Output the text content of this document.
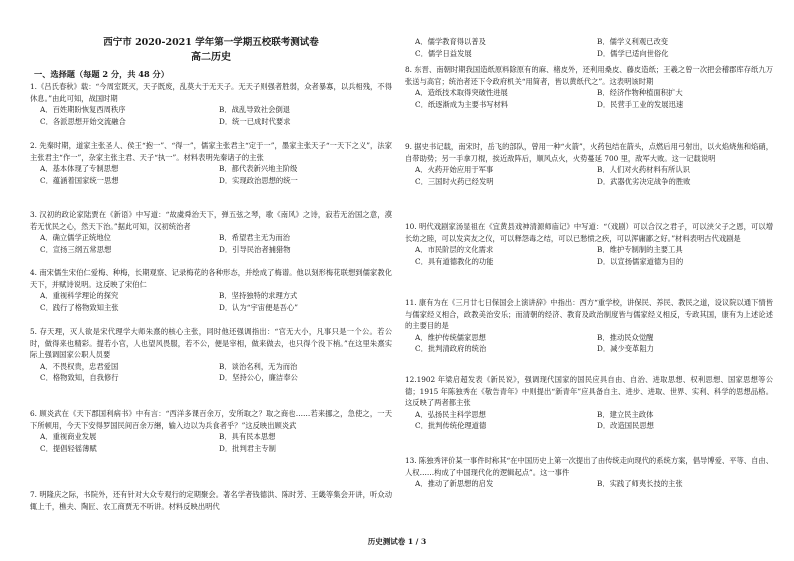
西宁市 2020-2021 学年第一学期五校联考测试卷
高二历史
一、选择题（每题 2 分，共 48 分）
1.《吕氏春秋》载：“今周室既灭，天子既废，乱莫大于无天子。无天子则强者胜弱，众者暴寡，以兵相残，不得休息。”由此可知，战国时期
A．百姓期盼恢复西周秩序	B．战乱导致社会倒退
C．各派思想开始交流融合	D．统一已成时代要求
2. 先秦时期，道家主张圣人、侯王“抱一”、“得一”，儒家主张君主“定于一”，墨家主张天子“一天下之义”，法家主张君主“作一”，杂家主张主君、天子“执一”。材料表明先秦诸子的主张
A．基本体现了专制思想	B．都代表新兴地主阶级
C．蕴涵着国家统一思想	D．实现政治思想的统一
3. 汉初的政论家陆贾在《新语》中写道：“故虞舜治天下，弹五弦之琴，歌《南风》之诗，寂若无治国之意，漠若无忧民之心，然天下治。”据此可知，汉初统治者
A．确立儒学正统地位	B．希望君主无为而治
C．宣扬三纲五常思想	D．引导民治者捕猎物
4. 南宋儒生宋伯仁爱梅、种梅，长期观察、记录梅花的各种形态，并绘成了梅谱。他以刻形梅花联想到儒家教化天下，并赋诗说明。这反映了宋伯仁
A．重视科学理论的探究	B．坚持独特的求理方式
C．践行了格物致知主张	D．认为“宇宙便是吾心”
5. 存天理，灭人欲是宋代理学大师朱熹的核心主张，同时他还强调指出：“官无大小，凡事只是一个公。若公时，做得来也精彩。提若小官，人也望风畏服，若不公，便是宰相，做来做去，也只得个没下梢。”在这里朱熹实际上强调国家公职人员要
A．不畏权贵，忠君爱国	B．谈治名利，无为而治
C．格物致知，自我修行	D．坚持公心，廉洁奉公
6. 顾炎武在《天下郡国利病书》中有言：“西洋多课百余万，安所取之？取之商也……若来挪之，急使之，一天下所顿用，今天下安得罗国民间百余万緡，输入边以为兵食者乎？”这反映出顾炎武
A．重视商业发展	B．具有民本思想
C．提倡轻徭薄赋	D．批判君主专制
7. 明隆庆之际，书院外，还有针对大众专观行的定期聚会。著名学者钱德洪、陈时芳、王畿等集会开讲，听众动辄上千，樵夫、陶匠、农工商贾无不听讲。材料反映出明代
A．儒学教育得以普及	B．儒学义利观已改变
C．儒学日益发展	D．儒学已适向世俗化
8. 东晋、南朝时期我国造纸原料除原有的麻、楮皮外，还利用桑皮、藤皮造纸；王羲之曾一次把会稽郡库存纸九万张送与高官；统治者还下令政府机关“用简者，皆以黄纸代之”。这表明该时期
A．造纸技术取得突破性进展	B．经济作物种植面积扩大
C．纸逐渐成为主要书写材料	D．民营手工业的发展迅速
9. 据史书记载，南宋时，岳飞的部队，曾用一种“火箭”，火药包结在箭头，点燃后用弓射出，以火焰烧焦和焰硝，自带助势；另一手拿刀棍，挨近敌阵后，顺风点火，火势蔓延 700 里，敌军大败。这一记载说明
A．火药开始应用于军事	B．人们对火药材料有所认识
C．三国时火药已经发明	D．武器优劣决定战争的胜败
10. 明代戏剧家汤显祖在《宜黄县戏神清源师庙记》中写道：“（戏剧）可以合汉之君子，可以浃父子之恩，可以增长幼之睦，可以发宾友之仪，可以释怨毒之结，可以已愁愤之疾，可以浑庸鄙之好。”材料表明古代戏剧是
A．市民阶层的文化需求	B．维护专制制的主要工具
C．具有道德教化的功能	D．以宣扬儒家道德为目的
11. 康有为在《三月廿七日保国会上演讲辞》中指出：西方“重学校，讲保民、养民、教民之道，设议院以通下情皆与儒家经义相合，政教美治安乐；而清朝的经济、教育及政治制度皆与儒家经义相反，专政其国，康有为上述论述的主要目的是
A．维护传统儒家思想	B．推动民众觉醒
C．批判清政府的统治	D．减少变革阻力
12.1902 年梁启超发表《新民说》，强调现代国家的国民应具自由、自治、进取思想、权利思想、国家思想等公德；1915 年陈独秀在《敬告青年》中则提出“新青年”应具备自主、进步、进取、世界、实利、科学的思想品格。这反映了两者都主张
A．弘扬民主科学思想	B．建立民主政体
C．批判传统伦理道德	D．改造国民思想
13. 陈独秀评价某一事件时称其“在中国历史上第一次提出了由传统走向现代的系统方案，倡导博爱、平等、自由、人权……构成了中国现代化的逻辑起点”。这一事件
A．推动了新思想的启发	B．实践了师夷长技的主张
历史测试卷 1 / 3
